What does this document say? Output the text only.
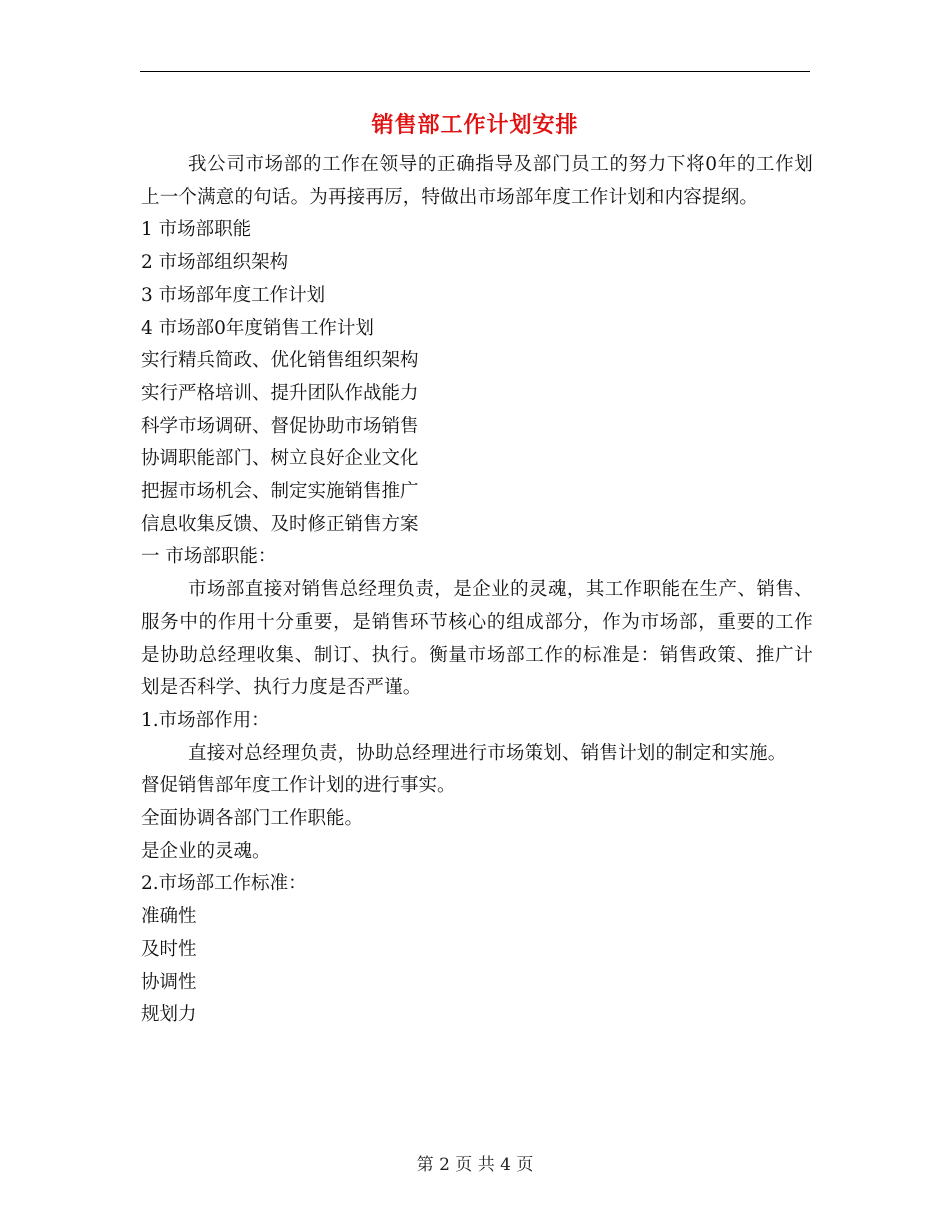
销售部工作计划安排

我公司市场部的工作在领导的正确指导及部门员工的努力下将0年的工作划上一个满意的句话。为再接再厉，特做出市场部年度工作计划和内容提纲。

1 市场部职能

2 市场部组织架构

3 市场部年度工作计划

4 市场部0年度销售工作计划

实行精兵简政、优化销售组织架构

实行严格培训、提升团队作战能力

科学市场调研、督促协助市场销售

协调职能部门、树立良好企业文化

把握市场机会、制定实施销售推广

信息收集反馈、及时修正销售方案

一 市场部职能：

市场部直接对销售总经理负责，是企业的灵魂，其工作职能在生产、销售、服务中的作用十分重要，是销售环节核心的组成部分，作为市场部，重要的工作是协助总经理收集、制订、执行。衡量市场部工作的标准是：销售政策、推广计划是否科学、执行力度是否严谨。

1.市场部作用：

直接对总经理负责，协助总经理进行市场策划、销售计划的制定和实施。

督促销售部年度工作计划的进行事实。

全面协调各部门工作职能。

是企业的灵魂。

2.市场部工作标准：

准确性

及时性

协调性

规划力

第 2 页 共 4 页
